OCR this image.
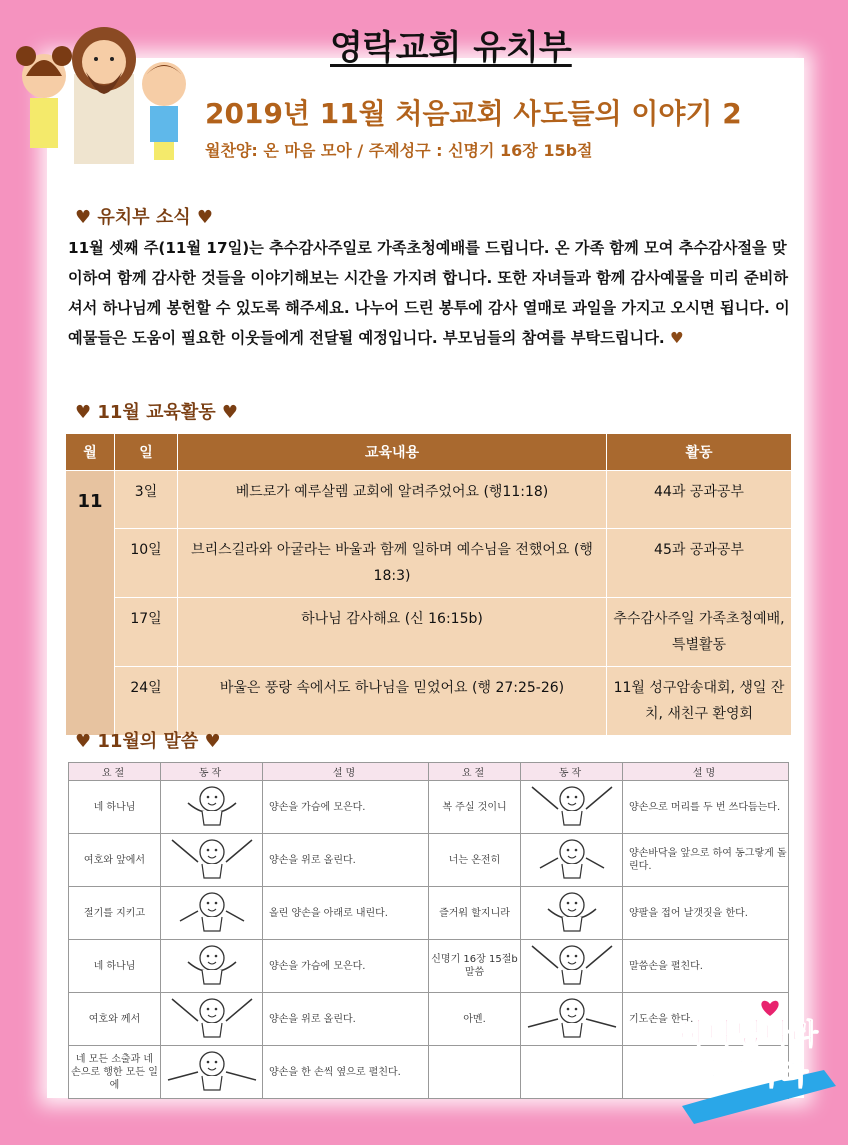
영락교회 유치부
2019년 11월 처음교회 사도들의 이야기 2
월찬양: 온 마음 모아 / 주제성구 : 신명기 16장 15b절
♥ 유치부 소식 ♥

11월 셋째 주(11월 17일)는 추수감사주일로 가족초청예배를 드립니다. 온 가족 함께 모여 추수감사절을 맞이하여 함께 감사한 것들을 이야기해보는 시간을 가지려 합니다. 또한 자녀들과 함께 감사예물을 미리 준비하셔서 하나님께 봉헌할 수 있도록 해주세요. 나누어 드린 봉투에 감사 열매로 과일을 가지고 오시면 됩니다. 이 예물들은 도움이 필요한 이웃들에게 전달될 예정입니다. 부모님들의 참여를 부탁드립니다. ♥

♥ 11월 교육활동 ♥
월	일	교육내용	활동
11	3일	베드로가 예루살렘 교회에 알려주었어요 (행11:18)	44과 공과공부
	10일	브리스길라와 아굴라는 바울과 함께 일하며 예수님을 전했어요 (행 18:3)	45과 공과공부
	17일	하나님 감사해요 (신 16:15b)	추수감사주일 가족초청예배, 특별활동
	24일	바울은 풍랑 속에서도 하나님을 믿었어요 (행 27:25-26)	11월 성구암송대회, 생일 잔치, 새친구 환영회
♥ 11월의 말씀 ♥
요절	동작	설명	요절	동작	설명
네 하나님		양손을 가슴에 모은다.	복 주실 것이니		양손으로 머리를 두 번 쓰다듬는다.
여호와 앞에서		양손을 위로 올린다.	너는 온전히		양손바닥을 앞으로 하여 동그랗게 돌린다.
절기를 지키고		올린 양손을 아래로 내린다.	즐거워 할지니라		양팔을 접어 날갯짓을 한다.
네 하나님		양손을 가슴에 모은다.	신명기 16장 15절b 말씀		말씀손을 펼친다.
여호와 께서		양손을 위로 올린다.	아멘.		기도손을 한다.
네 모든 소출과 네 손으로 행한 모든 일에		양손을 한 손씩 옆으로 펼친다.			
하나님나라
말씀나라
